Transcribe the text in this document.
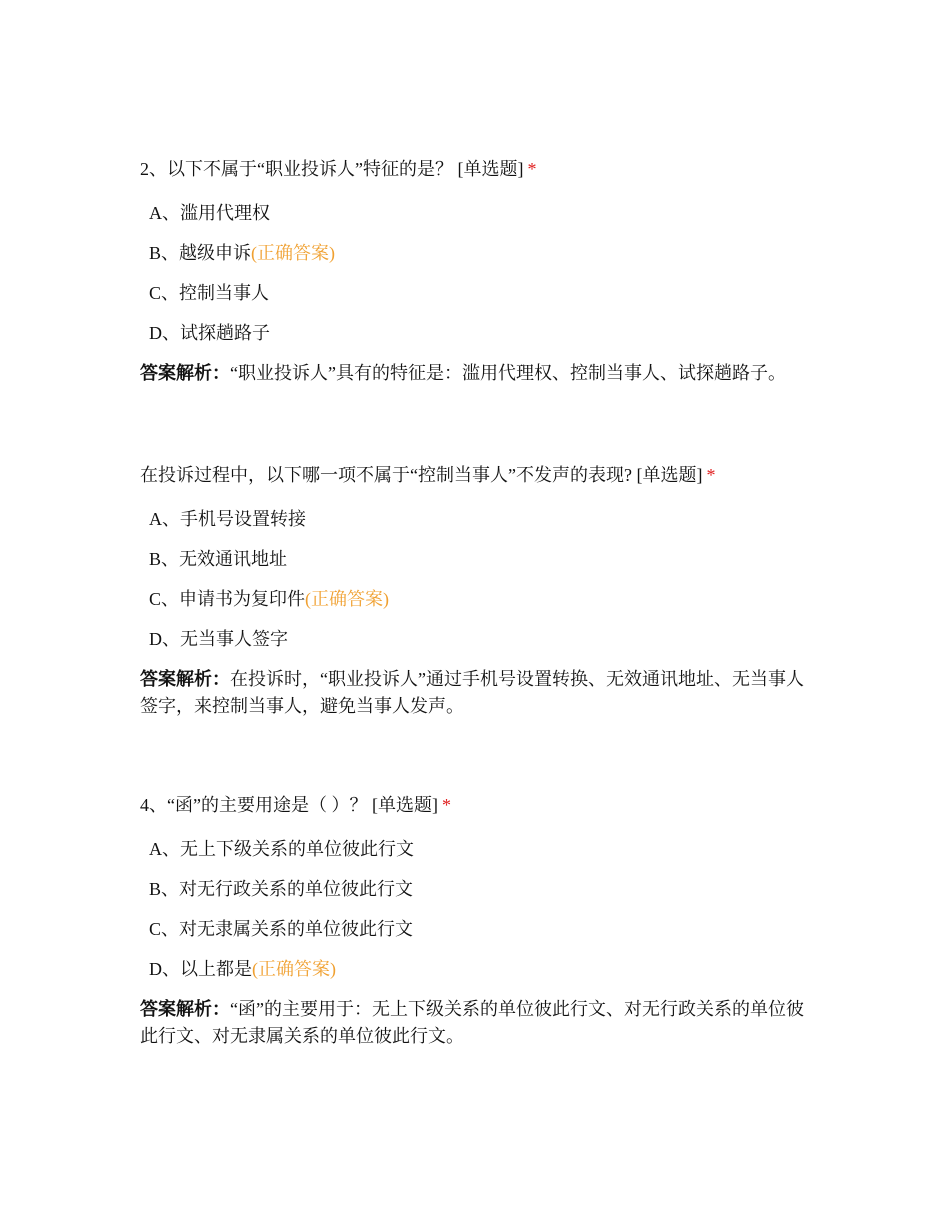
2、以下不属于“职业投诉人”特征的是？ [单选题] *
A、滥用代理权
B、越级申诉(正确答案)
C、控制当事人
D、试探趟路子
答案解析：“职业投诉人”具有的特征是：滥用代理权、控制当事人、试探趟路子。
在投诉过程中，以下哪一项不属于“控制当事人”不发声的表现? [单选题] *
A、手机号设置转接
B、无效通讯地址
C、申请书为复印件(正确答案)
D、无当事人签字
答案解析：在投诉时，“职业投诉人”通过手机号设置转换、无效通讯地址、无当事人签字，来控制当事人，避免当事人发声。
4、“函”的主要用途是（ ）？ [单选题] *
A、无上下级关系的单位彼此行文
B、对无行政关系的单位彼此行文
C、对无隶属关系的单位彼此行文
D、以上都是(正确答案)
答案解析：“函”的主要用于：无上下级关系的单位彼此行文、对无行政关系的单位彼此行文、对无隶属关系的单位彼此行文。
